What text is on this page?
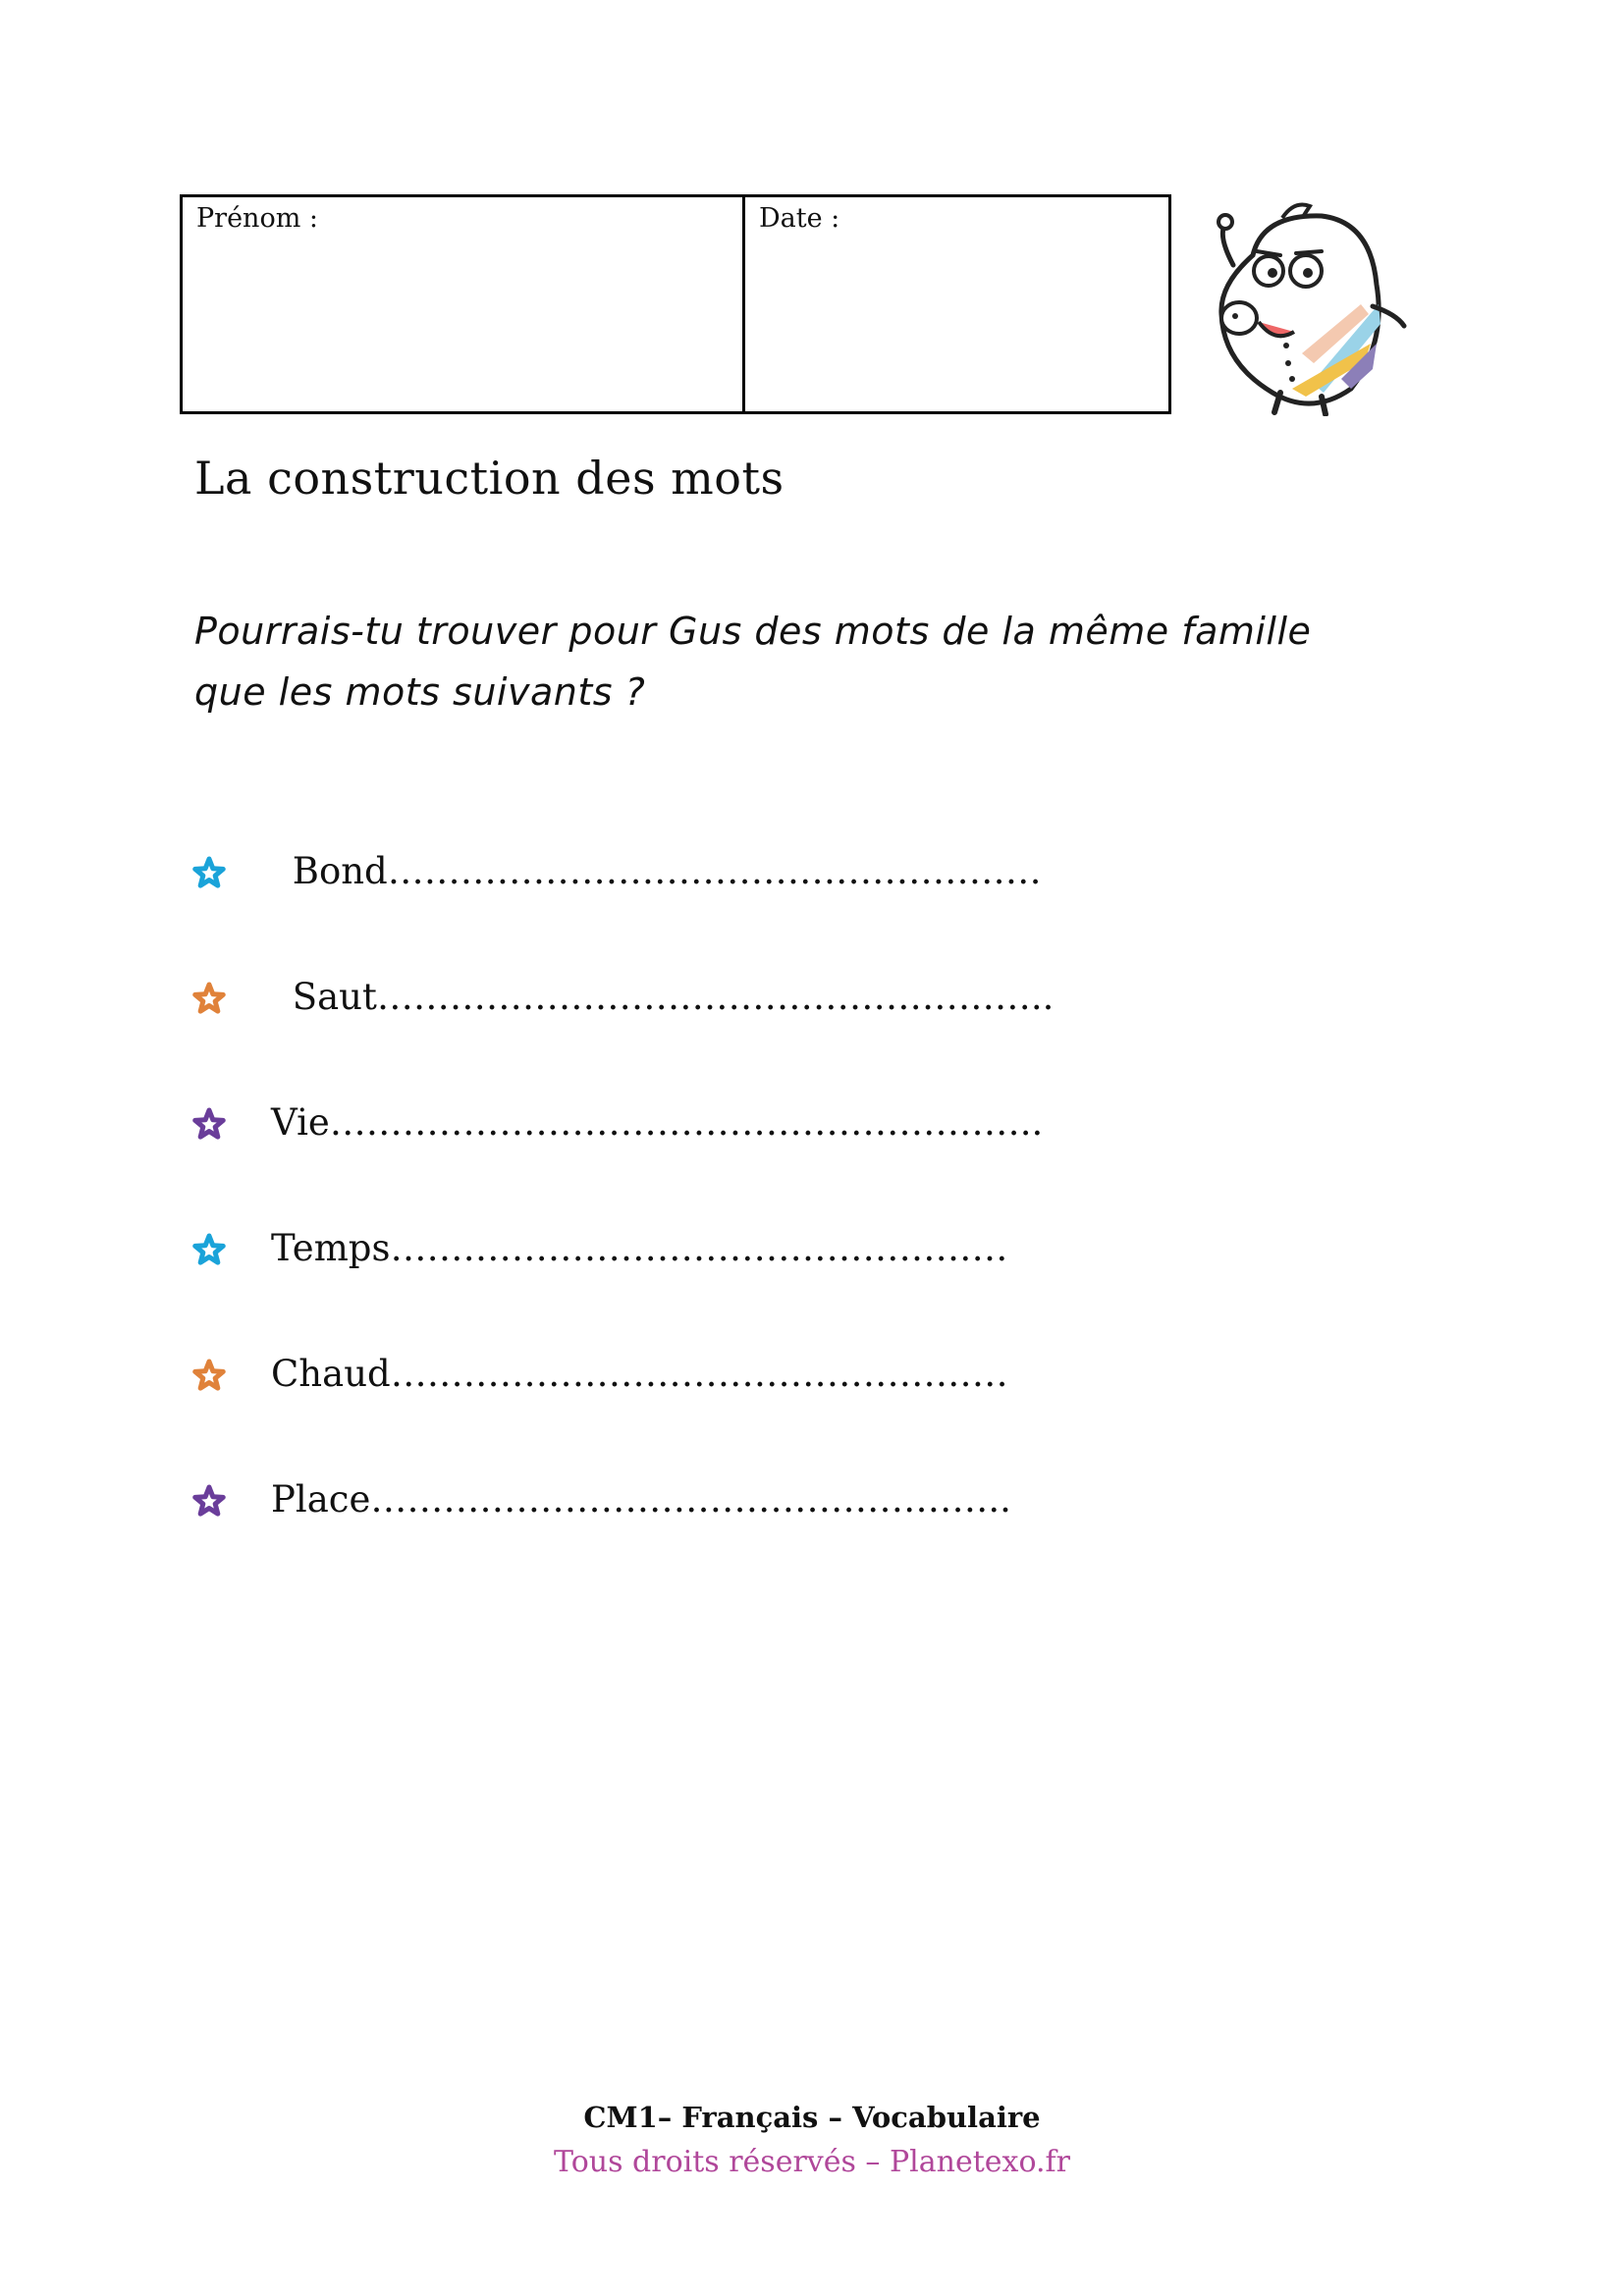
Prénom :	Date :
La construction des mots

Pourrais-tu trouver pour Gus des mots de la même famille
que les mots suivants ?

Bond………………………………………………
Saut………………………………………………..
Vie…………………………………………………..
Temps……………………………………………
Chaud……………………………………………
Place……………………………………………..
CM1– Français – Vocabulaire
Tous droits réservés – Planetexo.fr
